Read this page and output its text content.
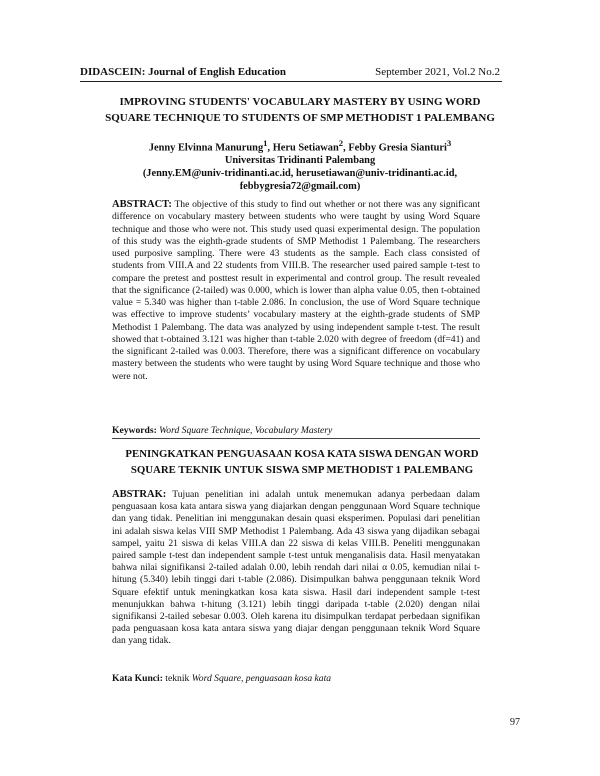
DIDASCEIN: Journal of English Education	September 2021, Vol.2 No.2
IMPROVING STUDENTS' VOCABULARY MASTERY BY USING WORD
SQUARE TECHNIQUE TO STUDENTS OF SMP METHODIST 1 PALEMBANG
Jenny Elvinna Manurung$^1$, Heru Setiawan$^2$, Febby Gresia Sianturi$^3$
Universitas Tridinanti Palembang
(Jenny.EM@univ-tridinanti.ac.id, herusetiawan@univ-tridinanti.ac.id,
febbygresia72@gmail.com)
ABSTRACT: The objective of this study to find out whether or not there was any significant difference on vocabulary mastery between students who were taught by using Word Square technique and those who were not. This study used quasi experimental design. The population of this study was the eighth-grade students of SMP Methodist 1 Palembang. The researchers used purposive sampling. There were 43 students as the sample. Each class consisted of students from VIII.A and 22 students from VIII.B. The researcher used paired sample t-test to compare the pretest and posttest result in experimental and control group. The result revealed that the significance (2-tailed) was 0.000, which is lower than alpha value 0.05, then t-obtained value = 5.340 was higher than t-table 2.086. In conclusion, the use of Word Square technique was effective to improve students’ vocabulary mastery at the eighth-grade students of SMP Methodist 1 Palembang. The data was analyzed by using independent sample t-test. The result showed that t-obtained 3.121 was higher than t-table 2.020 with degree of freedom (df=41) and the significant 2-tailed was 0.003. Therefore, there was a significant difference on vocabulary mastery between the students who were taught by using Word Square technique and those who were not.
Keywords: Word Square Technique, Vocabulary Mastery
PENINGKATKAN PENGUASAAN KOSA KATA SISWA DENGAN WORD
SQUARE TEKNIK UNTUK SISWA SMP METHODIST 1 PALEMBANG
ABSTRAK: Tujuan penelitian ini adalah untuk menemukan adanya perbedaan dalam penguasaan kosa kata antara siswa yang diajarkan dengan penggunaan Word Square technique dan yang tidak. Penelitian ini menggunakan desain quasi eksperimen. Populasi dari penelitian ini adalah siswa kelas VIII SMP Methodist 1 Palembang. Ada 43 siswa yang dijadikan sebagai sampel, yaitu 21 siswa di kelas VIII.A dan 22 siswa di kelas VIII.B. Peneliti menggunakan paired sample t-test dan independent sample t-test untuk menganalisis data. Hasil menyatakan bahwa nilai signifikansi 2-tailed adalah 0.00, lebih rendah dari nilai α 0.05, kemudian nilai t-hitung (5.340) lebih tinggi dari t-table (2.086). Disimpulkan bahwa penggunaan teknik Word Square efektif untuk meningkatkan kosa kata siswa. Hasil dari independent sample t-test menunjukkan bahwa t-hitung (3.121) lebih tinggi daripada t-table (2.020) dengan nilai signifikansi 2-tailed sebesar 0.003. Oleh karena itu disimpulkan terdapat perbedaan signifikan pada penguasaan kosa kata antara siswa yang diajar dengan penggunaan teknik Word Square dan yang tidak.
Kata Kunci: teknik Word Square, penguasaan kosa kata
97
